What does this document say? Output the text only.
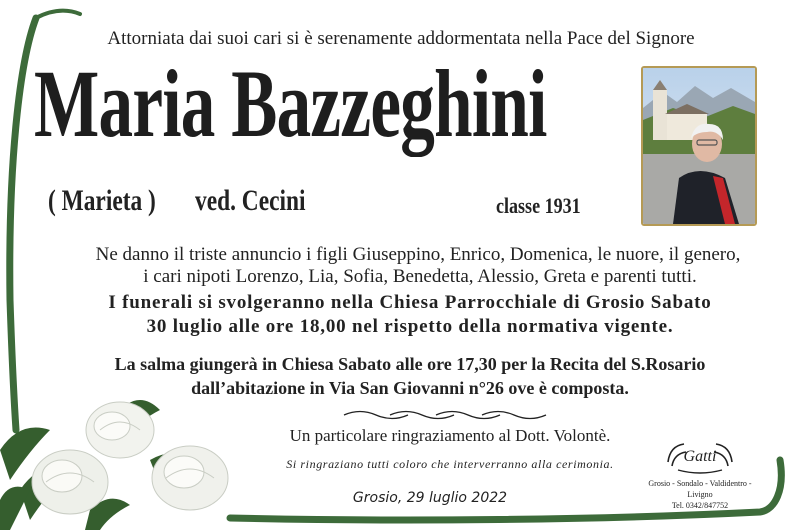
Attorniata dai suoi cari si è serenamente addormentata nella Pace del Signore
Maria Bazzeghini
( Marieta ) ved. Cecini	classe 1931
Ne danno il triste annuncio i figli Giuseppino, Enrico, Domenica, le nuore, il genero,
i cari nipoti Lorenzo, Lia, Sofia, Benedetta, Alessio, Greta e parenti tutti.
I funerali si svolgeranno nella Chiesa Parrocchiale di Grosio Sabato
30 luglio alle ore 18,00 nel rispetto della normativa vigente.
La salma giungerà in Chiesa Sabato alle ore 17,30 per la Recita del S.Rosario
dall’abitazione in Via San Giovanni n°26 ove è composta.
Un particolare ringraziamento al Dott. Volontè.
Si ringraziano tutti coloro che interverranno alla cerimonia.
Grosio, 29 luglio 2022
Gatti
Grosio - Sondalo - Valdidentro - Livigno
Tel. 0342/847752
